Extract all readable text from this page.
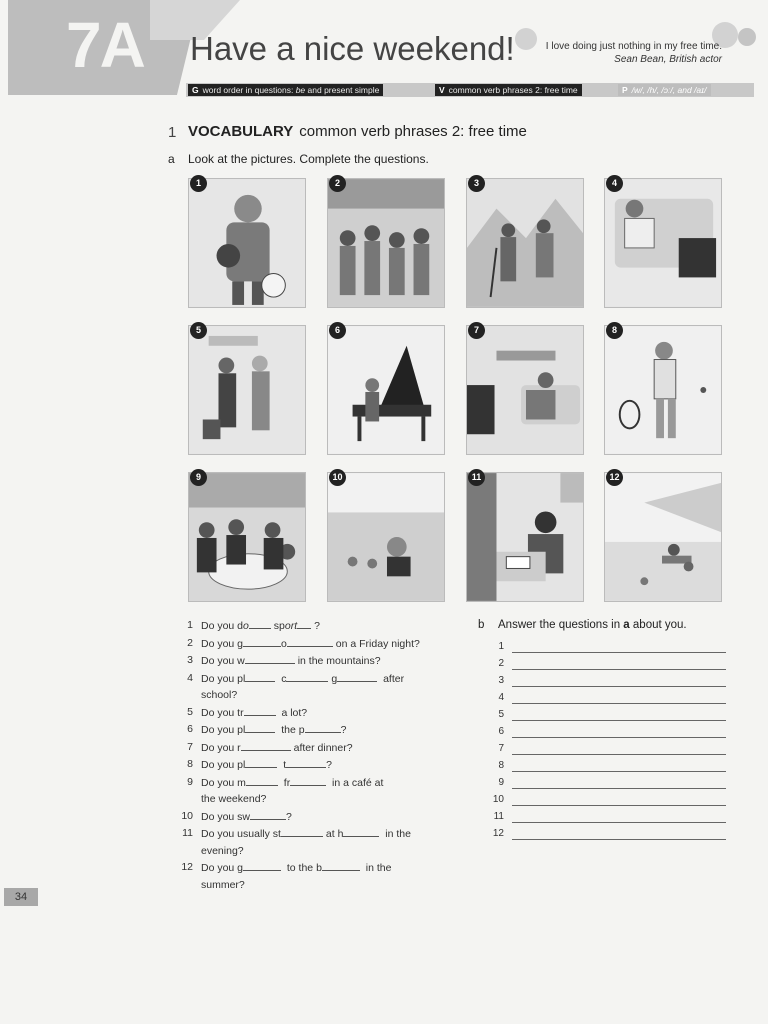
7A Have a nice weekend!	I love doing just nothing in my free time.
Sean Bean, British actor
G word order in questions: be and present simple	V common verb phrases 2: free time	P /w/, /h/, /ɔː/, and /aɪ/
1 VOCABULARY common verb phrases 2: free time
a Look at the pictures. Complete the questions.
1	2	3	4
5	6	7	8
9	10	11	12
1 Do you do sport ?
2 Do you g	o	on a Friday night?
3 Do you w	in the mountains?
4 Do you pl	c	g	after
school?
5 Do you tr	a lot?
6 Do you pl	the p	?
7 Do you r	after dinner?
8 Do you pl	t	?
9 Do you m	fr	in a café at
the weekend?
10 Do you sw	?
11 Do you usually st	at h	in the
evening?
12 Do you g	to the b	in the
summer?
b Answer the questions in a about you.
1
2
3
4
5
6
7
8
9
10
11
12
34
